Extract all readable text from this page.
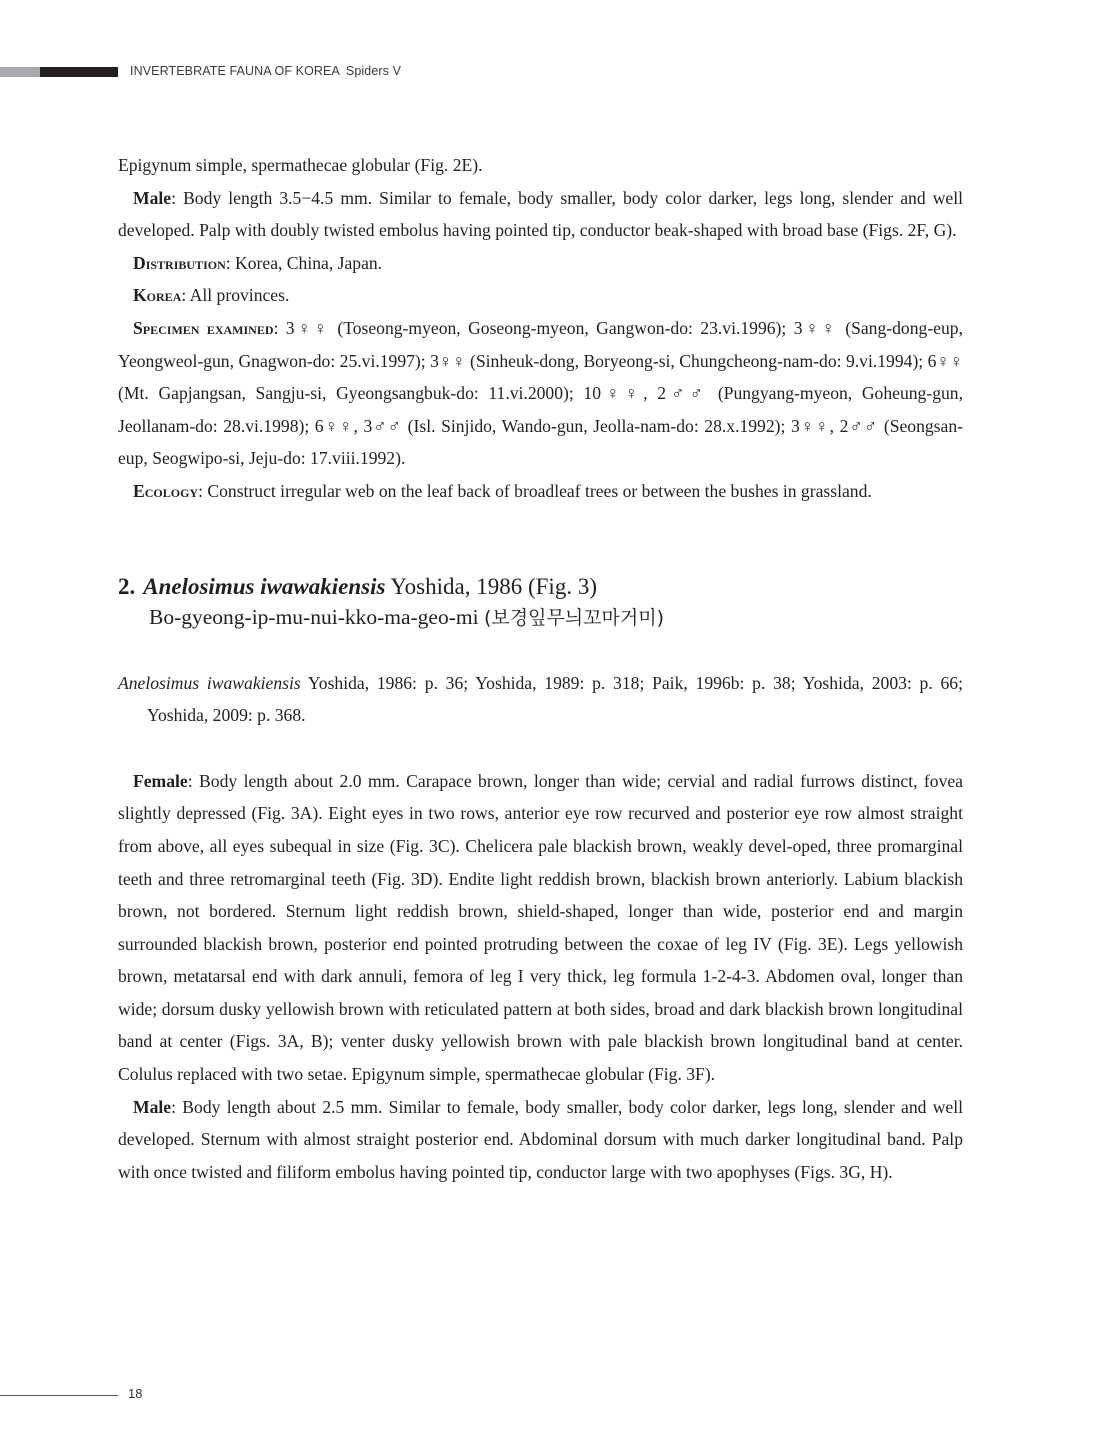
INVERTEBRATE FAUNA OF KOREA Spiders V

Epigynum simple, spermathecae globular (Fig. 2E).

Male: Body length 3.5−4.5 mm. Similar to female, body smaller, body color darker, legs long, slender and well developed. Palp with doubly twisted embolus having pointed tip, conductor beak-shaped with broad base (Figs. 2F, G).

Distribution: Korea, China, Japan.

Korea: All provinces.

Specimen examined: 3♀♀ (Toseong-myeon, Goseong-myeon, Gangwon-do: 23.vi.1996); 3♀♀ (Sang-dong-eup, Yeongweol-gun, Gnagwon-do: 25.vi.1997); 3♀♀ (Sinheuk-dong, Boryeong-si, Chungcheong-nam-do: 9.vi.1994); 6♀♀ (Mt. Gapjangsan, Sangju-si, Gyeongsangbuk-do: 11.vi.2000); 10♀♀, 2♂♂ (Pungyang-myeon, Goheung-gun, Jeollanam-do: 28.vi.1998); 6♀♀, 3♂♂ (Isl. Sinjido, Wando-gun, Jeolla-nam-do: 28.x.1992); 3♀♀, 2♂♂ (Seongsan-eup, Seogwipo-si, Jeju-do: 17.viii.1992).

Ecology: Construct irregular web on the leaf back of broadleaf trees or between the bushes in grassland.

2. Anelosimus iwawakiensis Yoshida, 1986 (Fig. 3)
Bo-gyeong-ip-mu-nui-kko-ma-geo-mi (보경잎무늬꼬마거미)

Anelosimus iwawakiensis Yoshida, 1986: p. 36; Yoshida, 1989: p. 318; Paik, 1996b: p. 38; Yoshida, 2003: p. 66; Yoshida, 2009: p. 368.

Female: Body length about 2.0 mm. Carapace brown, longer than wide; cervial and radial furrows distinct, fovea slightly depressed (Fig. 3A). Eight eyes in two rows, anterior eye row recurved and posterior eye row almost straight from above, all eyes subequal in size (Fig. 3C). Chelicera pale blackish brown, weakly devel-oped, three promarginal teeth and three retromarginal teeth (Fig. 3D). Endite light reddish brown, blackish brown anteriorly. Labium blackish brown, not bordered. Sternum light reddish brown, shield-shaped, longer than wide, posterior end and margin surrounded blackish brown, posterior end pointed protruding between the coxae of leg IV (Fig. 3E). Legs yellowish brown, metatarsal end with dark annuli, femora of leg I very thick, leg formula 1-2-4-3. Abdomen oval, longer than wide; dorsum dusky yellowish brown with reticulated pattern at both sides, broad and dark blackish brown longitudinal band at center (Figs. 3A, B); venter dusky yellowish brown with pale blackish brown longitudinal band at center. Colulus replaced with two setae. Epigynum simple, spermathecae globular (Fig. 3F).

Male: Body length about 2.5 mm. Similar to female, body smaller, body color darker, legs long, slender and well developed. Sternum with almost straight posterior end. Abdominal dorsum with much darker longitudinal band. Palp with once twisted and filiform embolus having pointed tip, conductor large with two apophyses (Figs. 3G, H).

18
